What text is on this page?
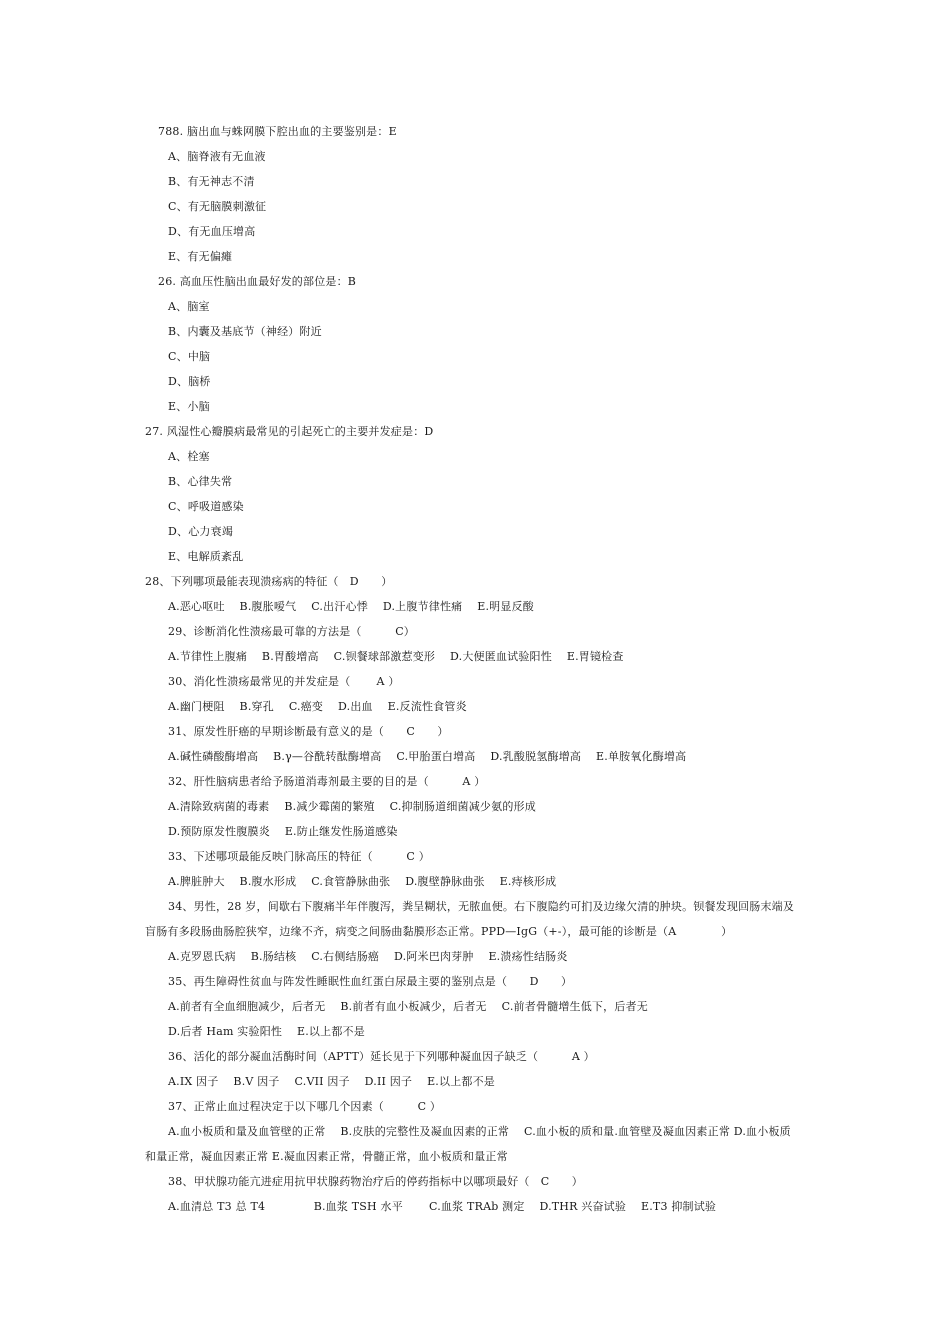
788. 脑出血与蛛网膜下腔出血的主要鉴别是：E
A、脑脊液有无血液
B、有无神志不清
C、有无脑膜刺激征
D、有无血压增高
E、有无偏瘫
26. 高血压性脑出血最好发的部位是：B
A、脑室
B、内囊及基底节（神经）附近
C、中脑
D、脑桥
E、小脑
27. 风湿性心瓣膜病最常见的引起死亡的主要并发症是：D
A、栓塞
B、心律失常
C、呼吸道感染
D、心力衰竭
E、电解质紊乱
28、下列哪项最能表现溃疡病的特征（　D　　）
A.恶心呕吐　 B.腹胀嗳气　 C.出汗心悸　 D.上腹节律性痛　 E.明显反酸
29、诊断消化性溃疡最可靠的方法是（　　　C）
A.节律性上腹痛　 B.胃酸增高　 C.钡餐球部激惹变形　 D.大便匿血试验阳性　 E.胃镜检查
30、消化性溃疡最常见的并发症是（　　 A ）
A.幽门梗阻　 B.穿孔　 C.癌变　 D.出血　 E.反流性食管炎
31、原发性肝癌的早期诊断最有意义的是（　　C　　）
A.碱性磷酸酶增高　 B.γ—谷酰转酞酶增高　 C.甲胎蛋白增高　 D.乳酸脱氢酶增高　 E.单胺氧化酶增高
32、肝性脑病患者给予肠道消毒剂最主要的目的是（　　　A ）
A.清除致病菌的毒素　 B.减少霉菌的繁殖　 C.抑制肠道细菌减少氨的形成
D.预防原发性腹膜炎　 E.防止继发性肠道感染
33、下述哪项最能反映门脉高压的特征（　　　C ）
A.脾脏肿大　 B.腹水形成　 C.食管静脉曲张　 D.腹壁静脉曲张　 E.痔核形成
34、男性，28 岁，间歇右下腹痛半年伴腹泻，粪呈糊状，无脓血便。右下腹隐约可扪及边缘欠清的肿块。钡餐发现回肠末端及盲肠有多段肠曲肠腔狭窄，边缘不齐，病变之间肠曲黏膜形态正常。PPD—IgG（+-），最可能的诊断是（A　　　　）
A.克罗恩氏病　 B.肠结核　 C.右侧结肠癌　 D.阿米巴肉芽肿　 E.溃疡性结肠炎
35、再生障碍性贫血与阵发性睡眠性血红蛋白尿最主要的鉴别点是（　　D　　）
A.前者有全血细胞减少，后者无　 B.前者有血小板减少，后者无　 C.前者骨髓增生低下，后者无
D.后者 Ham 实验阳性　 E.以上都不是
36、活化的部分凝血活酶时间（APTT）延长见于下列哪种凝血因子缺乏（　　　A ）
A.IX 因子　 B.V 因子　 C.VII 因子　 D.II 因子　 E.以上都不是
37、正常止血过程决定于以下哪几个因素（　　　C ）
A.血小板质和量及血管壁的正常　 B.皮肤的完整性及凝血因素的正常　 C.血小板的质和量.血管壁及凝血因素正常 D.血小板质和量正常，凝血因素正常 E.凝血因素正常，骨髓正常，血小板质和量正常
38、甲状腺功能亢进症用抗甲状腺药物治疗后的停药指标中以哪项最好（　C　　）
A.血清总 T3 总 T4　　　　 B.血浆 TSH 水平　　 C.血浆 TRAb 测定　 D.THR 兴奋试验　 E.T3 抑制试验
